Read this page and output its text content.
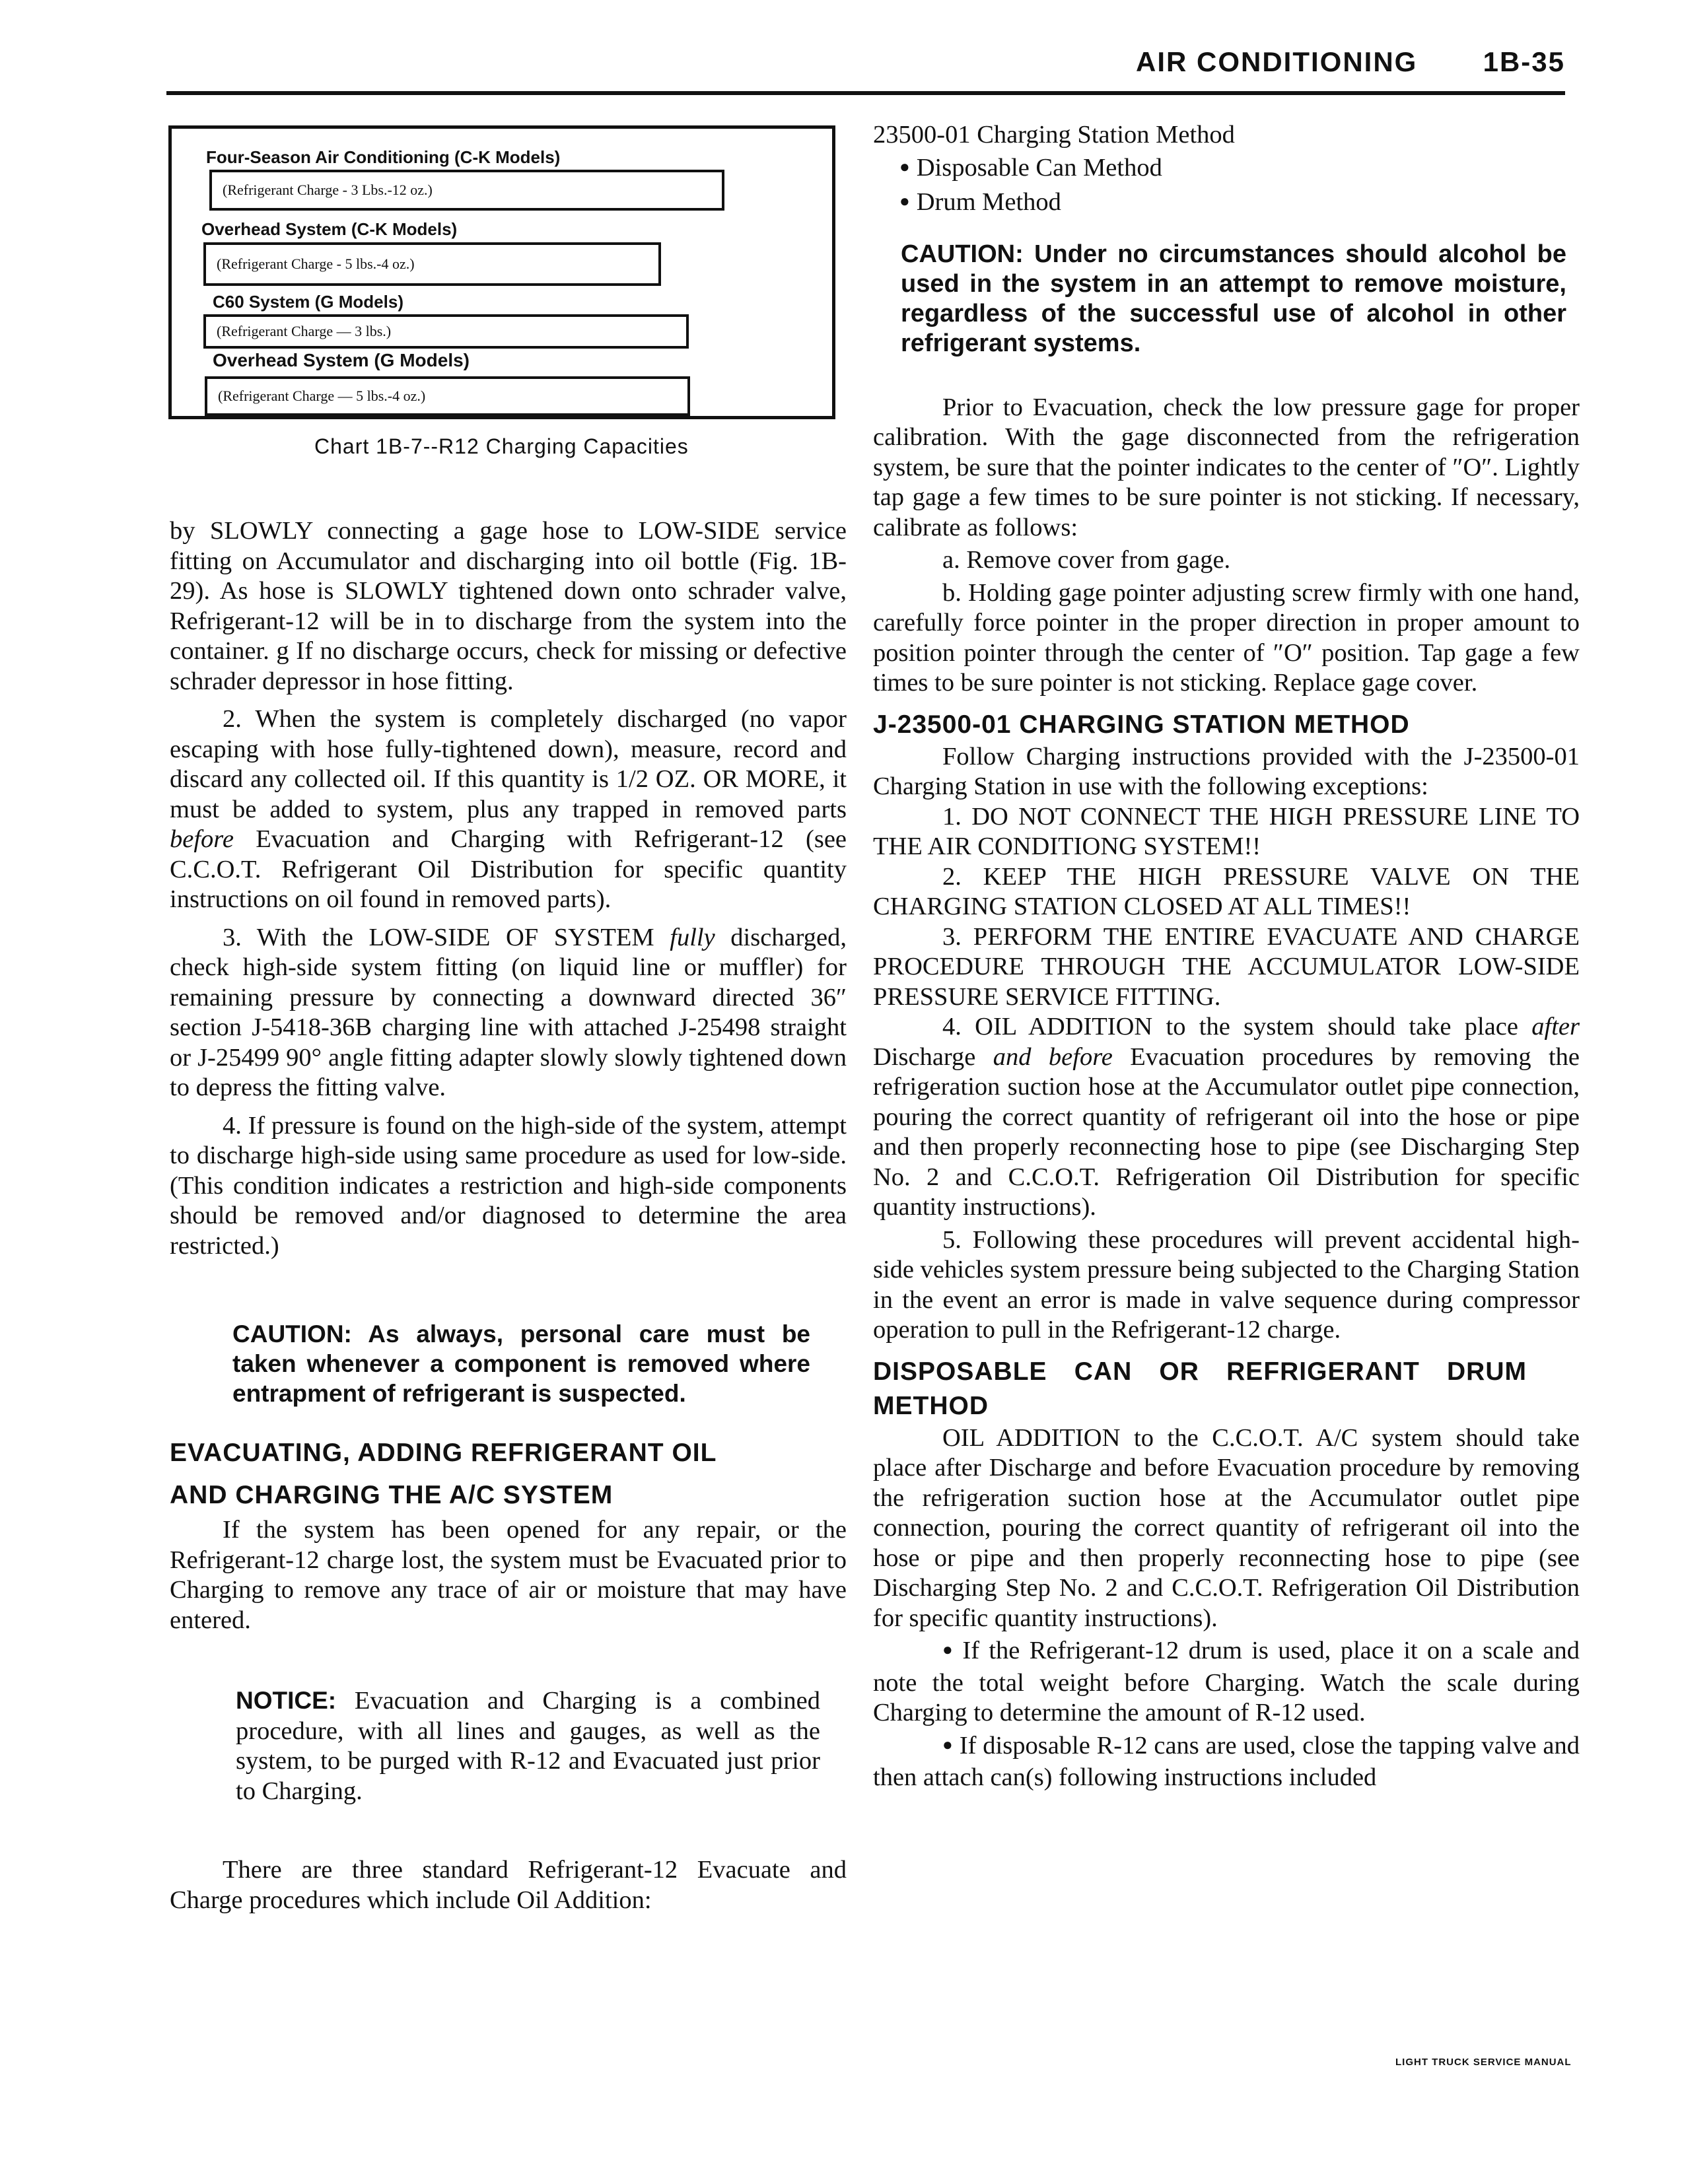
AIR CONDITIONING 1B-35
Four-Season Air Conditioning (C-K Models)
(Refrigerant Charge - 3 Lbs.-12 oz.)
Overhead System (C-K Models)
(Refrigerant Charge - 5 lbs.-4 oz.)
C60 System (G Models)
(Refrigerant Charge — 3 lbs.)
Overhead System (G Models)
(Refrigerant Charge — 5 lbs.-4 oz.)
Chart 1B-7--R12 Charging Capacities

by SLOWLY connecting a gage hose to LOW-SIDE service fitting on Accumulator and discharging into oil bottle (Fig. 1B-29). As hose is SLOWLY tightened down onto schrader valve, Refrigerant-12 will be in to discharge from the system into the container. g If no discharge occurs, check for missing or defective schrader depressor in hose fitting.

2. When the system is completely discharged (no vapor escaping with hose fully-tightened down), measure, record and discard any collected oil. If this quantity is 1/2 OZ. OR MORE, it must be added to system, plus any trapped in removed parts before Evacuation and Charging with Refrigerant-12 (see C.C.O.T. Refrigerant Oil Distribution for specific quantity instructions on oil found in removed parts).

3. With the LOW-SIDE OF SYSTEM fully discharged, check high-side system fitting (on liquid line or muffler) for remaining pressure by connecting a downward directed 36″ section J-5418-36B charging line with attached J-25498 straight or J-25499 90° angle fitting adapter slowly slowly tightened down to depress the fitting valve.

4. If pressure is found on the high-side of the system, attempt to discharge high-side using same procedure as used for low-side. (This condition indicates a restriction and high-side components should be removed and/or diagnosed to determine the area restricted.)

CAUTION: As always, personal care must be taken whenever a component is removed where entrapment of refrigerant is suspected.

EVACUATING, ADDING REFRIGERANT OIL

AND CHARGING THE A/C SYSTEM

If the system has been opened for any repair, or the Refrigerant-12 charge lost, the system must be Evacuated prior to Charging to remove any trace of air or moisture that may have entered.

NOTICE: Evacuation and Charging is a combined procedure, with all lines and gauges, as well as the system, to be purged with R-12 and Evacuated just prior to Charging.

There are three standard Refrigerant-12 Evacuate and Charge procedures which include Oil Addition:

23500-01 Charging Station Method

● Disposable Can Method

● Drum Method

CAUTION: Under no circumstances should alcohol be used in the system in an attempt to remove moisture, regardless of the successful use of alcohol in other refrigerant systems.

Prior to Evacuation, check the low pressure gage for proper calibration. With the gage disconnected from the refrigeration system, be sure that the pointer indicates to the center of ″O″. Lightly tap gage a few times to be sure pointer is not sticking. If necessary, calibrate as follows:

a. Remove cover from gage.

b. Holding gage pointer adjusting screw firmly with one hand, carefully force pointer in the proper direction in proper amount to position pointer through the center of ″O″ position. Tap gage a few times to be sure pointer is not sticking. Replace gage cover.

J-23500-01 CHARGING STATION METHOD

Follow Charging instructions provided with the J-23500-01 Charging Station in use with the following exceptions:

1. DO NOT CONNECT THE HIGH PRESSURE LINE TO THE AIR CONDITIONG SYSTEM!!

2. KEEP THE HIGH PRESSURE VALVE ON THE CHARGING STATION CLOSED AT ALL TIMES!!

3. PERFORM THE ENTIRE EVACUATE AND CHARGE PROCEDURE THROUGH THE ACCUMULATOR LOW-SIDE PRESSURE SERVICE FITTING.

4. OIL ADDITION to the system should take place after Discharge and before Evacuation procedures by removing the refrigeration suction hose at the Accumulator outlet pipe connection, pouring the correct quantity of refrigerant oil into the hose or pipe and then properly reconnecting hose to pipe (see Discharging Step No. 2 and C.C.O.T. Refrigeration Oil Distribution for specific quantity instructions).

5. Following these procedures will prevent accidental high-side vehicles system pressure being subjected to the Charging Station in the event an error is made in valve sequence during compressor operation to pull in the Refrigerant-12 charge.

DISPOSABLE CAN OR REFRIGERANT DRUM METHOD

OIL ADDITION to the C.C.O.T. A/C system should take place after Discharge and before Evacuation procedure by removing the refrigeration suction hose at the Accumulator outlet pipe connection, pouring the correct quantity of refrigerant oil into the hose or pipe and then properly reconnecting hose to pipe (see Discharging Step No. 2 and C.C.O.T. Refrigeration Oil Distribution for specific quantity instructions).

● If the Refrigerant-12 drum is used, place it on a scale and note the total weight before Charging. Watch the scale during Charging to determine the amount of R-12 used.

● If disposable R-12 cans are used, close the tapping valve and then attach can(s) following instructions included

LIGHT TRUCK SERVICE MANUAL
